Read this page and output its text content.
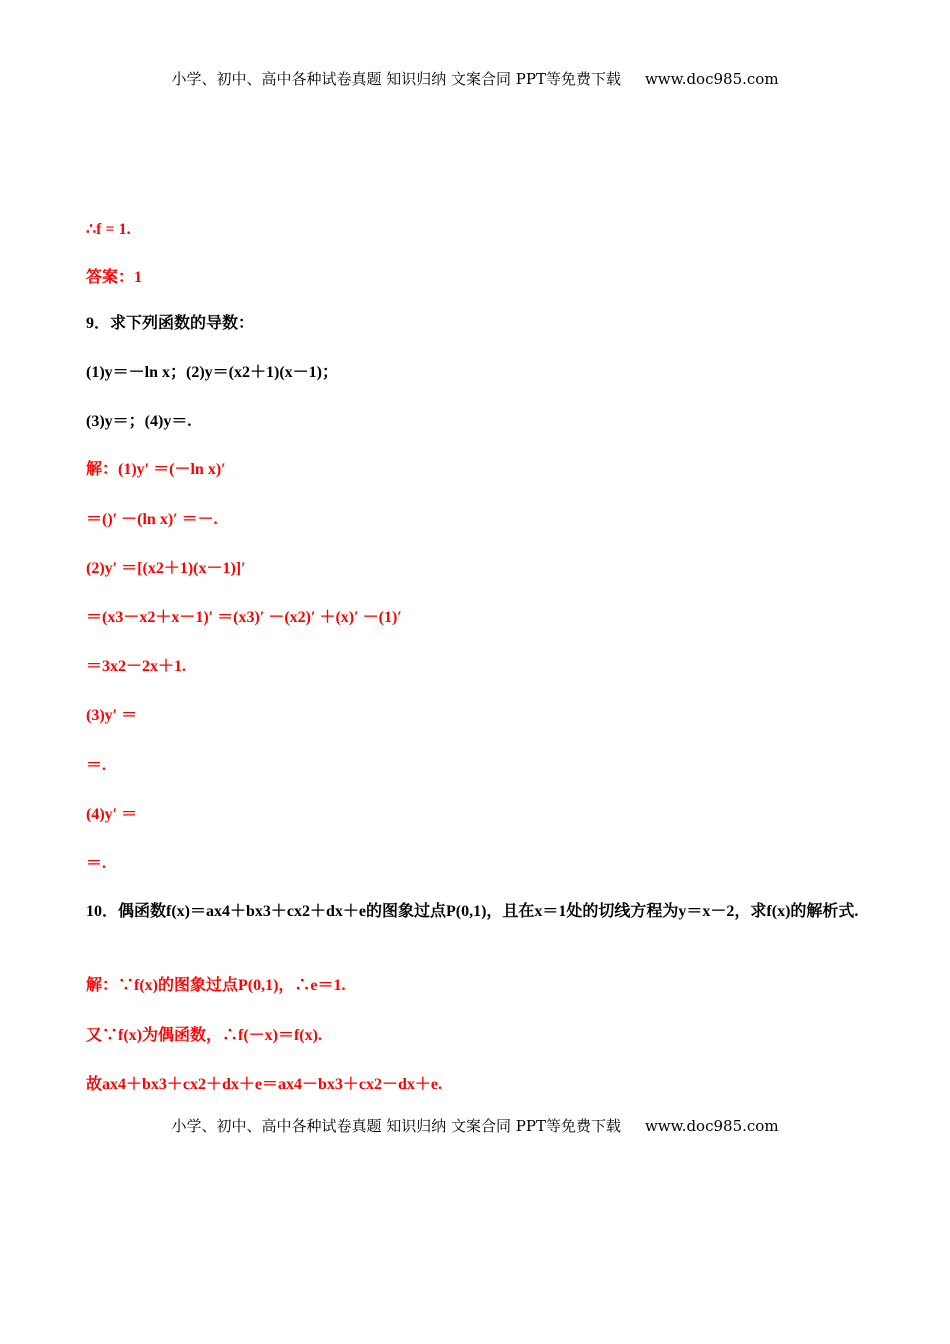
小学、初中、高中各种试卷真题 知识归纳 文案合同 PPT等免费下载 www.doc985.com
∴f = 1.
答案：1
9．求下列函数的导数：
(1)y＝－ln x；(2)y＝(x2＋1)(x－1)；
(3)y＝；(4)y＝.
解：(1)y′ ＝(－ln x)′
＝()′ －(ln x)′ ＝－.
(2)y′ ＝[(x2＋1)(x－1)]′
＝(x3－x2＋x－1)′ ＝(x3)′ －(x2)′ ＋(x)′ －(1)′
＝3x2－2x＋1.
(3)y′ ＝
＝.
(4)y′ ＝
＝.
10．偶函数f(x)＝ax4＋bx3＋cx2＋dx＋e的图象过点P(0,1)，且在x＝1处的切线方程为y＝x－2，求f(x)的解析式.
解：∵f(x)的图象过点P(0,1)，∴e＝1.
又∵f(x)为偶函数，∴f(－x)＝f(x).
故ax4＋bx3＋cx2＋dx＋e＝ax4－bx3＋cx2－dx＋e.
小学、初中、高中各种试卷真题 知识归纳 文案合同 PPT等免费下载 www.doc985.com
